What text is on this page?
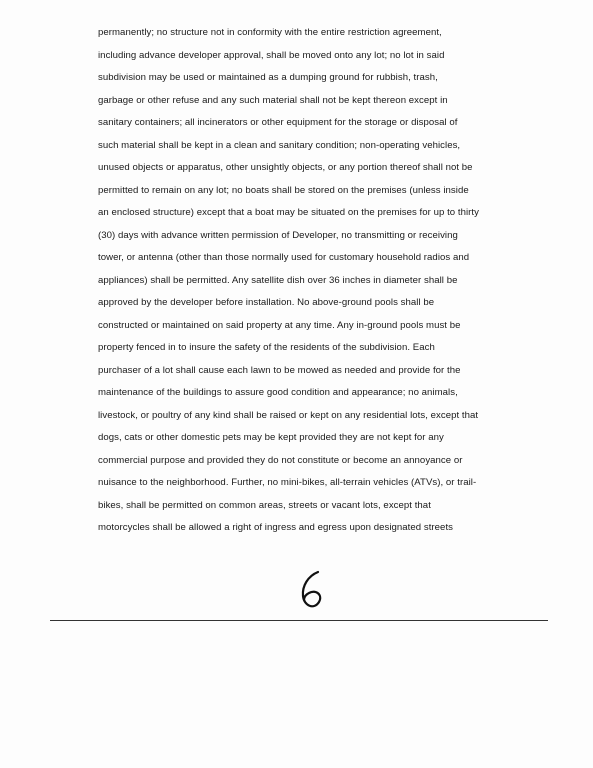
permanently; no structure not in conformity with the entire restriction agreement,
including advance developer approval, shall be moved onto any lot; no lot in said
subdivision may be used or maintained as a dumping ground for rubbish, trash,
garbage or other refuse and any such material shall not be kept thereon except in
sanitary containers; all incinerators or other equipment for the storage or disposal of
such material shall be kept in a clean and sanitary condition; non-operating vehicles,
unused objects or apparatus, other unsightly objects, or any portion thereof shall not be
permitted to remain on any lot; no boats shall be stored on the premises (unless inside
an enclosed structure) except that a boat may be situated on the premises for up to thirty
(30) days with advance written permission of Developer, no transmitting or receiving
tower, or antenna (other than those normally used for customary household radios and
appliances) shall be permitted. Any satellite dish over 36 inches in diameter shall be
approved by the developer before installation. No above-ground pools shall be
constructed or maintained on said property at any time. Any in-ground pools must be
property fenced in to insure the safety of the residents of the subdivision. Each
purchaser of a lot shall cause each lawn to be mowed as needed and provide for the
maintenance of the buildings to assure good condition and appearance; no animals,
livestock, or poultry of any kind shall be raised or kept on any residential lots, except that
dogs, cats or other domestic pets may be kept provided they are not kept for any
commercial purpose and provided they do not constitute or become an annoyance or
nuisance to the neighborhood. Further, no mini-bikes, all-terrain vehicles (ATVs), or trail-
bikes, shall be permitted on common areas, streets or vacant lots, except that
motorcycles shall be allowed a right of ingress and egress upon designated streets
